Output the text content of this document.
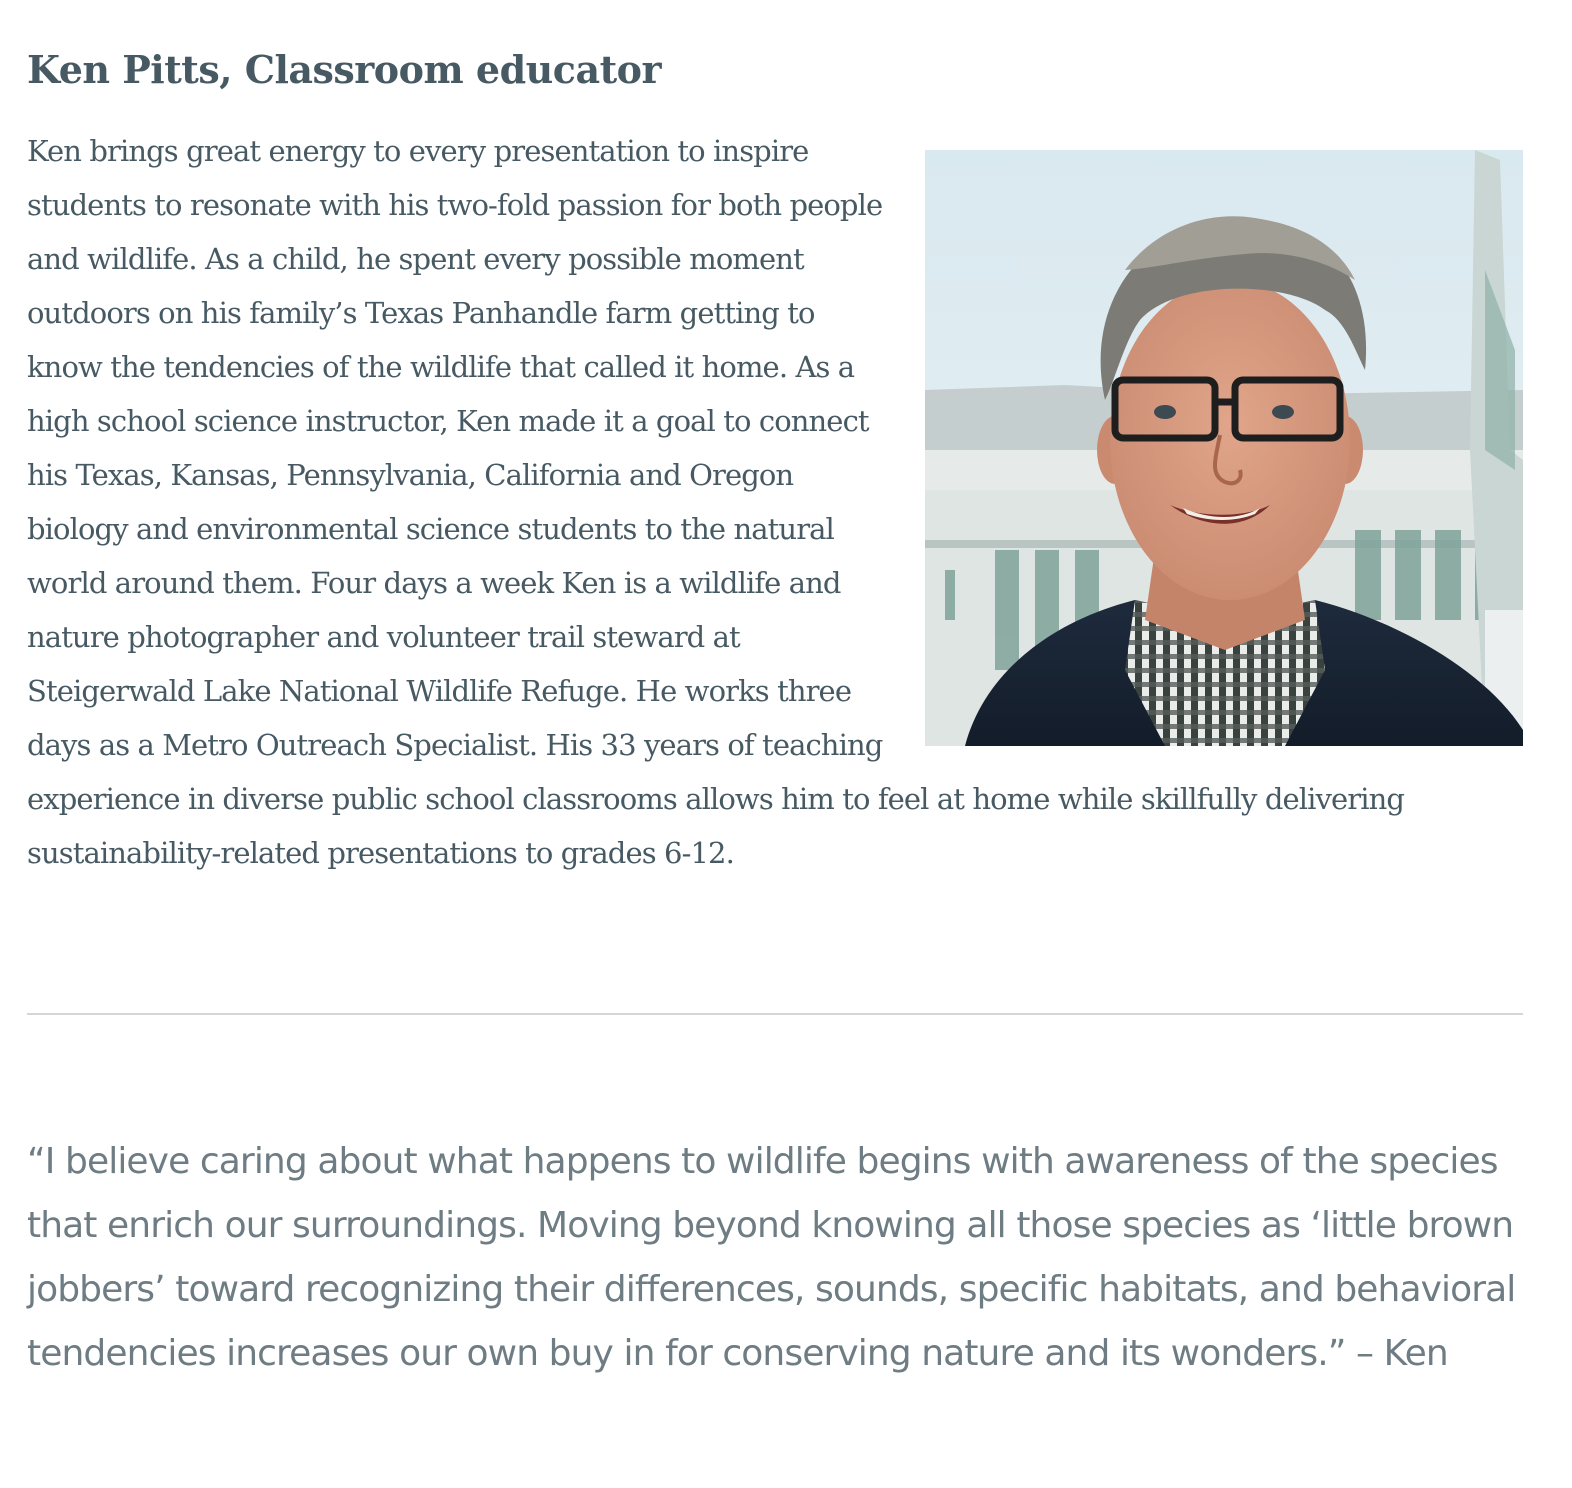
Ken Pitts, Classroom educator

Ken brings great energy to every presentation to inspire students to resonate with his two-fold passion for both people and wildlife. As a child, he spent every possible moment outdoors on his family’s Texas Panhandle farm getting to know the tendencies of the wildlife that called it home. As a high school science instructor, Ken made it a goal to connect his Texas, Kansas, Pennsylvania, California and Oregon biology and environmental science students to the natural world around them. Four days a week Ken is a wildlife and nature photographer and volunteer trail steward at Steigerwald Lake National Wildlife Refuge. He works three days as a Metro Outreach Specialist. His 33 years of teaching experience in diverse public school classrooms allows him to feel at home while skillfully delivering sustainability-related presentations to grades 6-12.

“I believe caring about what happens to wildlife begins with awareness of the species that enrich our surroundings. Moving beyond knowing all those species as ‘little brown jobbers’ toward recognizing their differences, sounds, specific habitats, and behavioral tendencies increases our own buy in for conserving nature and its wonders.” – Ken
